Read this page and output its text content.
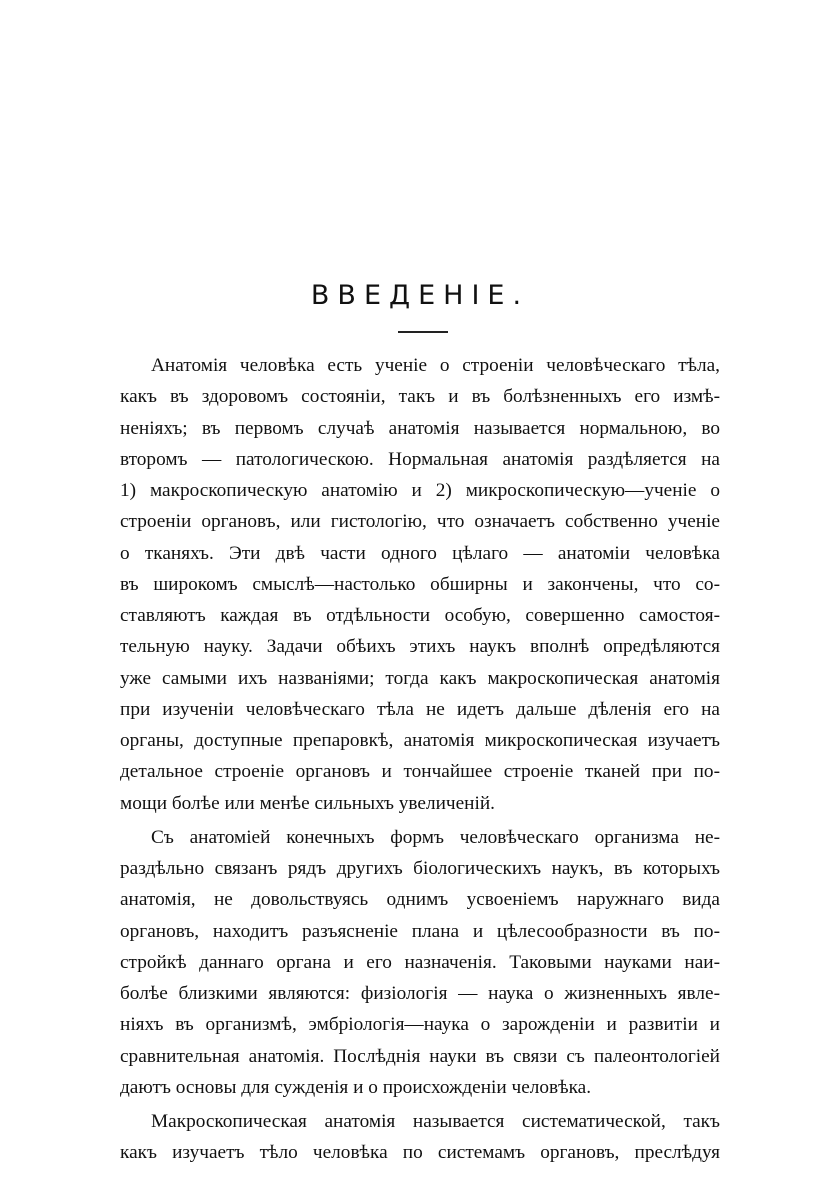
ВВЕДЕНІЕ.
Анатомія человѣка есть ученіе о строеніи человѣческаго тѣла,
какъ въ здоровомъ состояніи, такъ и въ болѣзненныхъ его измѣ-
неніяхъ; въ первомъ случаѣ анатомія называется нормальною, во
второмъ — патологическою. Нормальная анатомія раздѣляется на
1) макроскопическую анатомію и 2) микроскопическую—ученіе о
строеніи органовъ, или гистологію, что означаетъ собственно ученіе
о тканяхъ. Эти двѣ части одного цѣлаго — анатоміи человѣка
въ широкомъ смыслѣ—настолько обширны и закончены, что со-
ставляютъ каждая въ отдѣльности особую, совершенно самостоя-
тельную науку. Задачи обѣихъ этихъ наукъ вполнѣ опредѣляются
уже самыми ихъ названіями; тогда какъ макроскопическая анатомія
при изученіи человѣческаго тѣла не идетъ дальше дѣленія его на
органы, доступные препаровкѣ, анатомія микроскопическая изучаетъ
детальное строеніе органовъ и тончайшее строеніе тканей при по-
мощи болѣе или менѣе сильныхъ увеличеній.
Съ анатоміей конечныхъ формъ человѣческаго организма не-
раздѣльно связанъ рядъ другихъ біологическихъ наукъ, въ которыхъ
анатомія, не довольствуясь однимъ усвоеніемъ наружнаго вида
органовъ, находитъ разъясненіе плана и цѣлесообразности въ по-
стройкѣ даннаго органа и его назначенія. Таковыми науками наи-
болѣе близкими являются: физіологія — наука о жизненныхъ явле-
ніяхъ въ организмѣ, эмбріологія—наука о зарожденіи и развитіи и
сравнительная анатомія. Послѣднія науки въ связи съ палеонтологіей
даютъ основы для сужденія и о происхожденіи человѣка.
Макроскопическая анатомія называется систематической, такъ
какъ изучаетъ тѣло человѣка по системамъ органовъ, преслѣдуя
